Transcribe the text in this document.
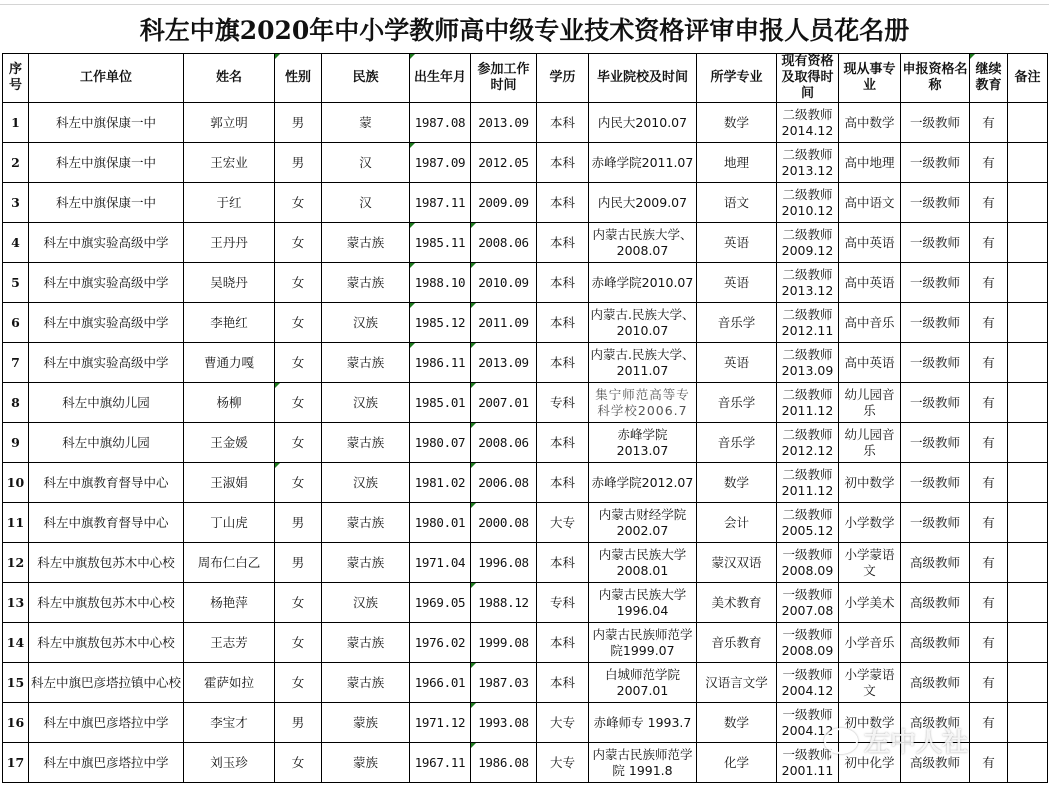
科左中旗2020年中小学教师高中级专业技术资格评审申报人员花名册
序号	工作单位	姓名	性别	民族	出生年月	参加工作时间	学历	毕业院校及时间	所学专业	现有资格及取得时间	现从事专业	申报资格名称	继续教育	备注
1	科左中旗保康一中	郭立明	男	蒙	1987.08	2013.09	本科	内民大2010.07	数学	二级教师 2014.12	高中数学	一级教师	有	
2	科左中旗保康一中	王宏业	男	汉	1987.09	2012.05	本科	赤峰学院2011.07	地理	二级教师 2013.12	高中地理	一级教师	有	
3	科左中旗保康一中	于红	女	汉	1987.11	2009.09	本科	内民大2009.07	语文	二级教师 2010.12	高中语文	一级教师	有	
4	科左中旗实验高级中学	王丹丹	女	蒙古族	1985.11	2008.06	本科	内蒙古民族大学、2008.07	英语	二级教师 2009.12	高中英语	一级教师	有	
5	科左中旗实验高级中学	吴晓丹	女	蒙古族	1988.10	2010.09	本科	赤峰学院2010.07	英语	二级教师 2013.12	高中英语	一级教师	有	
6	科左中旗实验高级中学	李艳红	女	汉族	1985.12	2011.09	本科	内蒙古.民族大学、2010.07	音乐学	二级教师 2012.11	高中音乐	一级教师	有	
7	科左中旗实验高级中学	曹通力嘎	女	蒙古族	1986.11	2013.09	本科	内蒙古.民族大学、2011.07	英语	二级教师 2013.09	高中英语	一级教师	有	
8	科左中旗幼儿园	杨柳	女	汉族	1985.01	2007.01	专科	集宁师范高等专科学校2006.7	音乐学	二级教师 2011.12	幼儿园音乐	一级教师	有	
9	科左中旗幼儿园	王金媛	女	蒙古族	1980.07	2008.06	本科	赤峰学院 2013.07	音乐学	二级教师 2012.12	幼儿园音乐	一级教师	有	
10	科左中旗教育督导中心	王淑娟	女	汉族	1981.02	2006.08	本科	赤峰学院2012.07	数学	二级教师 2011.12	初中数学	一级教师	有	
11	科左中旗教育督导中心	丁山虎	男	蒙古族	1980.01	2000.08	大专	内蒙古财经学院 2002.07	会计	二级教师 2005.12	小学数学	一级教师	有	
12	科左中旗敖包苏木中心校	周布仁白乙	男	蒙古族	1971.04	1996.08	本科	内蒙古民族大学 2008.01	蒙汉双语	一级教师 2008.09	小学蒙语文	高级教师	有	
13	科左中旗敖包苏木中心校	杨艳萍	女	汉族	1969.05	1988.12	专科	内蒙古民族大学 1996.04	美术教育	一级教师 2007.08	小学美术	高级教师	有	
14	科左中旗敖包苏木中心校	王志芳	女	蒙古族	1976.02	1999.08	本科	内蒙古民族师范学院1999.07	音乐教育	一级教师 2008.09	小学音乐	高级教师	有	
15	科左中旗巴彦塔拉镇中心校	霍萨如拉	女	蒙古族	1966.01	1987.03	本科	白城师范学院 2007.01	汉语言文学	一级教师 2004.12	小学蒙语文	高级教师	有	
16	科左中旗巴彦塔拉中学	李宝才	男	蒙族	1971.12	1993.08	大专	赤峰师专 1993.7	数学	一级教师 2004.12	初中数学	高级教师	有	
17	科左中旗巴彦塔拉中学	刘玉珍	女	蒙族	1967.11	1986.08	大专	内蒙古民族师范学院 1991.8	化学	一级教师 2001.11	初中化学	高级教师	有	
左中人社
